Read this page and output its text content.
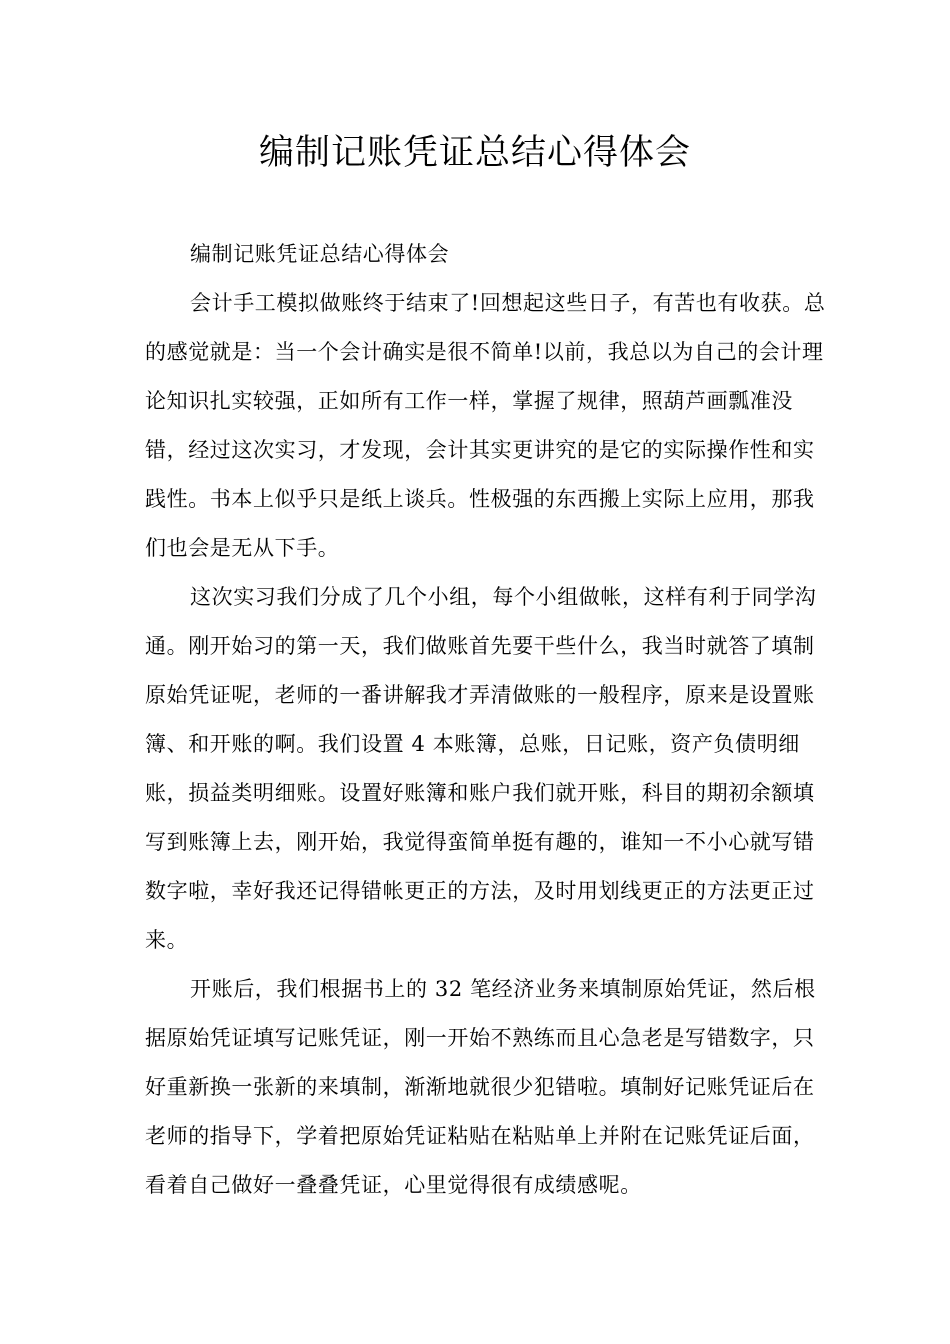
编制记账凭证总结心得体会

编制记账凭证总结心得体会

会计手工模拟做账终于结束了!回想起这些日子，有苦也有收获。总的感觉就是：当一个会计确实是很不简单!以前，我总以为自己的会计理论知识扎实较强，正如所有工作一样，掌握了规律，照葫芦画瓢准没错，经过这次实习，才发现，会计其实更讲究的是它的实际操作性和实践性。书本上似乎只是纸上谈兵。性极强的东西搬上实际上应用，那我们也会是无从下手。

这次实习我们分成了几个小组，每个小组做帐，这样有利于同学沟通。刚开始习的第一天，我们做账首先要干些什么，我当时就答了填制原始凭证呢，老师的一番讲解我才弄清做账的一般程序，原来是设置账簿、和开账的啊。我们设置 4 本账簿，总账，日记账，资产负债明细账，损益类明细账。设置好账簿和账户我们就开账，科目的期初余额填写到账簿上去，刚开始，我觉得蛮简单挺有趣的，谁知一不小心就写错数字啦，幸好我还记得错帐更正的方法，及时用划线更正的方法更正过来。

开账后，我们根据书上的 32 笔经济业务来填制原始凭证，然后根据原始凭证填写记账凭证，刚一开始不熟练而且心急老是写错数字，只好重新换一张新的来填制，渐渐地就很少犯错啦。填制好记账凭证后在老师的指导下，学着把原始凭证粘贴在粘贴单上并附在记账凭证后面，看着自己做好一叠叠凭证，心里觉得很有成绩感呢。
